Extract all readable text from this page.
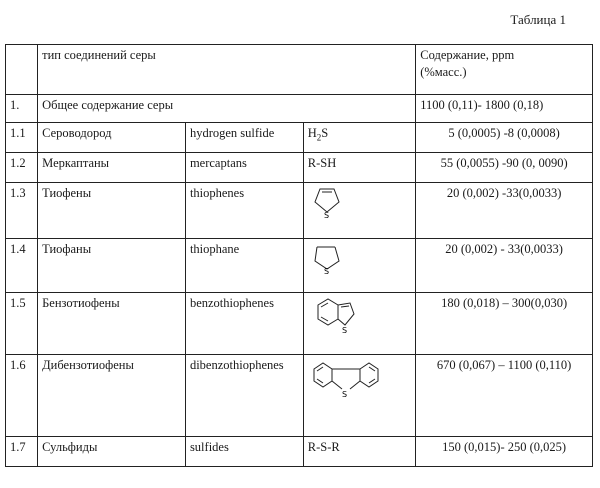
Таблица 1
	тип соединений серы			Содержание, ppm
(%масс.)

1.	Общее содержание серы			1100 (0,11)- 1800 (0,18)
1.1	Сероводород	hydrogen sulfide	$H_2S$	5 (0,0005) -8 (0,0008)
1.2	Меркаптаны	mercaptans	R-SH	55 (0,0055) -90 (0, 0090)
1.3	Тиофены	thiophenes	S	20 (0,002) -33(0,0033)
1.4	Тиофаны	thiophane	S	20 (0,002) - 33(0,0033)
1.5	Бензотиофены	benzothiophenes	S	180 (0,018) – 300(0,030)
1.6	Дибензотиофены	dibenzothiophenes	S	670 (0,067) – 1100 (0,110)
1.7	Сульфиды	sulfides	R-S-R	150 (0,015)- 250 (0,025)
